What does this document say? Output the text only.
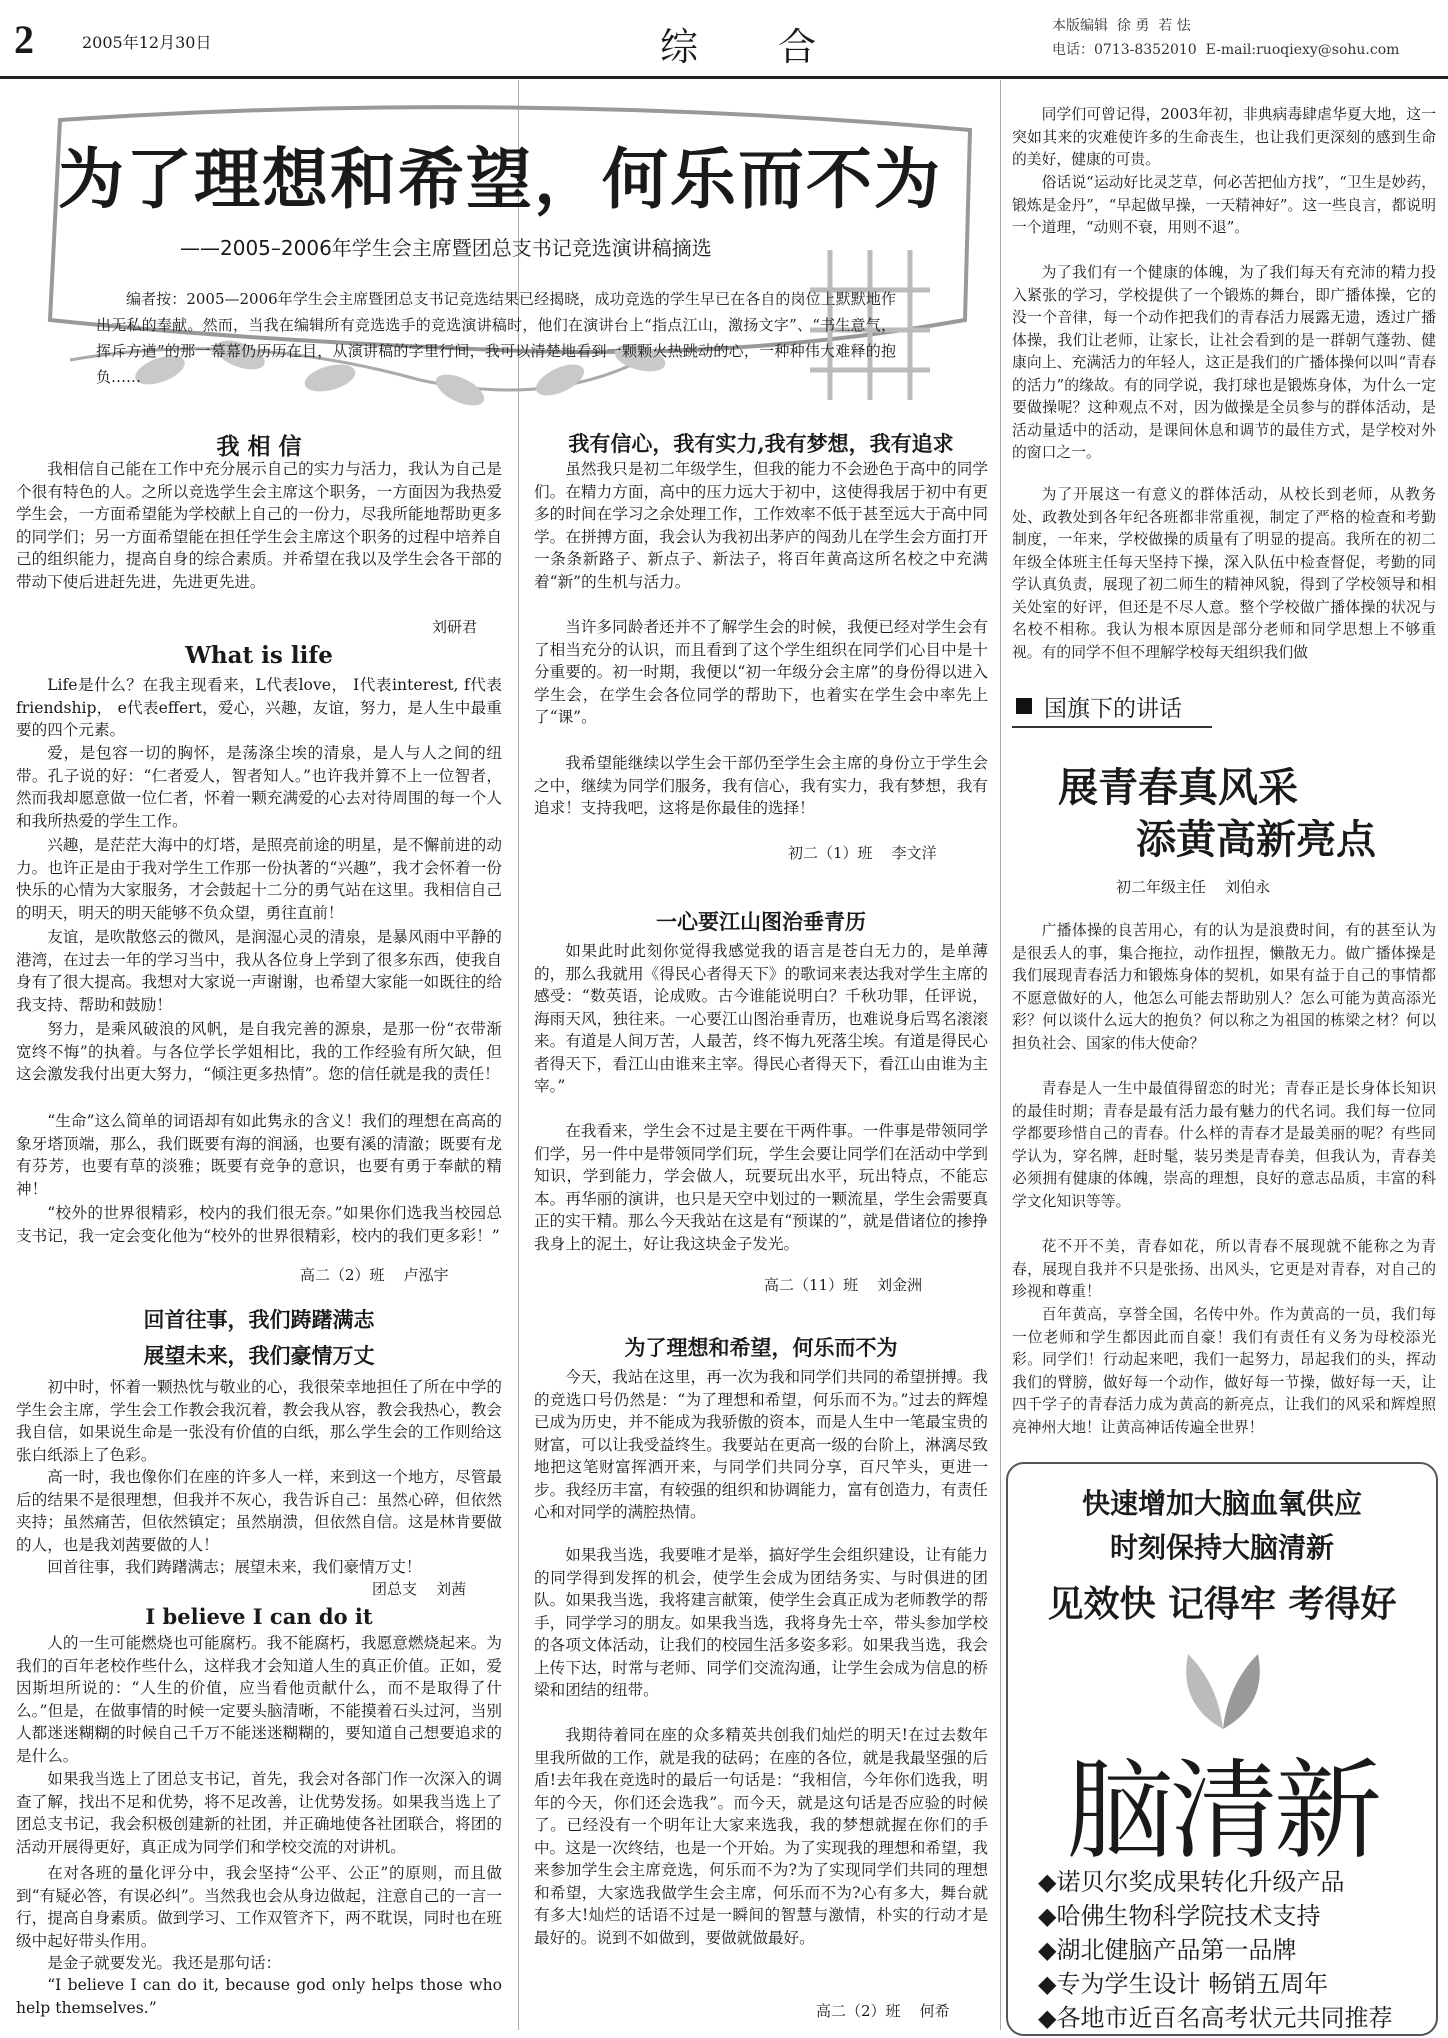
2	2005年12月30日	综 合	本版编辑  徐 勇  若 怯
电话：0713-8352010  E-mail:ruoqiexy@sohu.com
为了理想和希望，何乐而不为
——2005–2006年学生会主席暨团总支书记竞选演讲稿摘选
编者按：2005—2006年学生会主席暨团总支书记竞选结果已经揭晓，成功竞选的学生早已在各自的岗位上默默地作出无私的奉献。然而，当我在编辑所有竞选选手的竞选演讲稿时，他们在演讲台上“指点江山，激扬文字”、“书生意气，挥斥方遒”的那一幕幕仍历历在目，从演讲稿的字里行间，我可以清楚地看到一颗颗火热跳动的心，一种种伟大难释的抱负……
我 相 信

我相信自己能在工作中充分展示自己的实力与活力，我认为自己是个很有特色的人。之所以竞选学生会主席这个职务，一方面因为我热爱学生会，一方面希望能为学校献上自己的一份力，尽我所能地帮助更多的同学们；另一方面希望能在担任学生会主席这个职务的过程中培养自己的组织能力，提高自身的综合素质。并希望在我以及学生会各干部的带动下使后进赶先进，先进更先进。

刘研君
What is life

Life是什么？在我主现看来，L代表love， I代表interest, f代表friendship， e代表effert，爱心，兴趣，友谊，努力，是人生中最重要的四个元素。

爱，是包容一切的胸怀，是荡涤尘埃的清泉，是人与人之间的纽带。孔子说的好：“仁者爱人，智者知人。”也许我并算不上一位智者，然而我却愿意做一位仁者，怀着一颗充满爱的心去对待周围的每一个人和我所热爱的学生工作。

兴趣，是茫茫大海中的灯塔，是照亮前途的明星，是不懈前进的动力。也许正是由于我对学生工作那一份执著的“兴趣”，我才会怀着一份快乐的心情为大家服务，才会鼓起十二分的勇气站在这里。我相信自己的明天，明天的明天能够不负众望，勇往直前！

友谊，是吹散悠云的微风，是润湿心灵的清泉，是暴风雨中平静的港湾，在过去一年的学习当中，我从各位身上学到了很多东西，使我自身有了很大提高。我想对大家说一声谢谢，也希望大家能一如既往的给我支持、帮助和鼓励！

努力，是乘风破浪的风帆，是自我完善的源泉，是那一份“衣带渐宽终不悔”的执着。与各位学长学姐相比，我的工作经验有所欠缺，但这会激发我付出更大努力，“倾注更多热情”。您的信任就是我的责任！

“生命”这么简单的词语却有如此隽永的含义！我们的理想在高高的象牙塔顶端，那么，我们既要有海的润涵，也要有溪的清澈；既要有龙有芬芳，也要有草的淡雅；既要有竞争的意识，也要有勇于奉献的精神！

“校外的世界很精彩，校内的我们很无奈。”如果你们选我当校园总支书记，我一定会变化他为“校外的世界很精彩，校内的我们更多彩！”

高二（2）班    卢泓宇
回首往事，我们踌躇满志
展望未来，我们豪情万丈

初中时，怀着一颗热忱与敬业的心，我很荣幸地担任了所在中学的学生会主席，学生会工作教会我沉着，教会我从容，教会我热心，教会我自信，如果说生命是一张没有价值的白纸，那么学生会的工作则给这张白纸添上了色彩。

高一时，我也像你们在座的许多人一样，来到这一个地方，尽管最后的结果不是很理想，但我并不灰心，我告诉自己：虽然心碎，但依然夹持；虽然痛苦，但依然镇定；虽然崩溃，但依然自信。这是林肯要做的人，也是我刘茜要做的人！

回首往事，我们踌躇满志；展望未来，我们豪情万丈！

团总支    刘茜
I believe I can do it

人的一生可能燃烧也可能腐朽。我不能腐朽，我愿意燃烧起来。为我们的百年老校作些什么，这样我才会知道人生的真正价值。正如，爱因斯坦所说的：“人生的价值，应当看他贡献什么，而不是取得了什么。”但是，在做事情的时候一定要头脑清晰，不能摸着石头过河，当别人都迷迷糊糊的时候自己千万不能迷迷糊糊的，要知道自己想要追求的是什么。

如果我当选上了团总支书记，首先，我会对各部门作一次深入的调查了解，找出不足和优势，将不足改善，让优势发扬。如果我当选上了团总支书记，我会积极创建新的社团，并正确地使各社团联合，将团的活动开展得更好，真正成为同学们和学校交流的对讲机。

在对各班的量化评分中，我会坚持“公平、公正”的原则，而且做到“有疑必答，有误必纠”。当然我也会从身边做起，注意自己的一言一行，提高自身素质。做到学习、工作双管齐下，两不耽误，同时也在班级中起好带头作用。

是金子就要发光。我还是那句话：

“I believe I can do it, because god only helps those who help themselves.”

我有信心，我有实力,我有梦想，我有追求

虽然我只是初二年级学生，但我的能力不会逊色于高中的同学们。在精力方面，高中的压力远大于初中，这使得我居于初中有更多的时间在学习之余处理工作，工作效率不低于甚至远大于高中同学。在拼搏方面，我会认为我初出茅庐的闯劲儿在学生会方面打开一条条新路子、新点子、新法子，将百年黄高这所名校之中充满着“新”的生机与活力。

当许多同龄者还并不了解学生会的时候，我便已经对学生会有了相当充分的认识，而且看到了这个学生组织在同学们心目中是十分重要的。初一时期，我便以“初一年级分会主席”的身份得以进入学生会，在学生会各位同学的帮助下，也着实在学生会中率先上了“课”。

我希望能继续以学生会干部仍至学生会主席的身份立于学生会之中，继续为同学们服务，我有信心，我有实力，我有梦想，我有追求！支持我吧，这将是你最佳的选择！

初二（1）班    李文洋
一心要江山图治垂青历

如果此时此刻你觉得我感觉我的语言是苍白无力的，是单薄的，那么我就用《得民心者得天下》的歌词来表达我对学生主席的感受：“数英语，论成败。古今谁能说明白？千秋功罪，任评说，海雨天风，独往来。一心要江山图治垂青历，也难说身后骂名滚滚来。有道是人间万苦，人最苦，终不悔九死落尘埃。有道是得民心者得天下，看江山由谁来主宰。得民心者得天下，看江山由谁为主宰。”

在我看来，学生会不过是主要在干两件事。一件事是带领同学们学，另一件中是带领同学们玩，学生会要让同学们在活动中学到知识，学到能力，学会做人，玩要玩出水平，玩出特点，不能忘本。再华丽的演讲，也只是天空中划过的一颗流星，学生会需要真正的实干精。那么今天我站在这是有“预谋的”，就是借诸位的掺挣我身上的泥土，好让我这块金子发光。

高二（11）班    刘金洲
为了理想和希望，何乐而不为

今天，我站在这里，再一次为我和同学们共同的希望拼搏。我的竞选口号仍然是：“为了理想和希望，何乐而不为。”过去的辉煌已成为历史，并不能成为我骄傲的资本，而是人生中一笔最宝贵的财富，可以让我受益终生。我要站在更高一级的台阶上，淋漓尽致地把这笔财富挥洒开来，与同学们共同分享，百尺竿头，更进一步。我经历丰富，有较强的组织和协调能力，富有创造力，有责任心和对同学的满腔热情。

如果我当选，我要唯才是举，搞好学生会组织建设，让有能力的同学得到发挥的机会，使学生会成为团结务实、与时俱进的团队。如果我当选，我将建言献策，使学生会真正成为老师教学的帮手，同学学习的朋友。如果我当选，我将身先士卒，带头参加学校的各项文体活动，让我们的校园生活多姿多彩。如果我当选，我会上传下达，时常与老师、同学们交流沟通，让学生会成为信息的桥梁和团结的纽带。

我期待着同在座的众多精英共创我们灿烂的明天!在过去数年里我所做的工作，就是我的砝码；在座的各位，就是我最坚强的后盾!去年我在竞选时的最后一句话是：“我相信，今年你们选我，明年的今天，你们还会选我”。而今天，就是这句话是否应验的时候了。已经没有一个明年让大家来选我，我的梦想就握在你们的手中。这是一次终结，也是一个开始。为了实现我的理想和希望，我来参加学生会主席竞选，何乐而不为?为了实现同学们共同的理想和希望，大家选我做学生会主席，何乐而不为?心有多大，舞台就有多大!灿烂的话语不过是一瞬间的智慧与激情，朴实的行动才是最好的。说到不如做到，要做就做最好。

高二（2）班    何希

同学们可曾记得，2003年初，非典病毒肆虐华夏大地，这一突如其来的灾难使许多的生命丧生，也让我们更深刻的感到生命的美好，健康的可贵。

俗话说“运动好比灵芝草，何必苦把仙方找”，“卫生是妙药，锻炼是金丹”，“早起做早操，一天精神好”。这一些良言，都说明一个道理，“动则不衰，用则不退”。

为了我们有一个健康的体魄，为了我们每天有充沛的精力投入紧张的学习，学校提供了一个锻炼的舞台，即广播体操，它的没一个音律，每一个动作把我们的青春活力展露无遗，透过广播体操，我们让老师，让家长，让社会看到的是一群朝气蓬勃、健康向上、充满活力的年轻人，这正是我们的广播体操何以叫“青春的活力”的缘故。有的同学说，我打球也是锻炼身体，为什么一定要做操呢？这种观点不对，因为做操是全员参与的群体活动，是活动量适中的活动，是课间休息和调节的最佳方式，是学校对外的窗口之一。

为了开展这一有意义的群体活动，从校长到老师，从教务处、政教处到各年纪各班都非常重视，制定了严格的检查和考勤制度，一年来，学校做操的质量有了明显的提高。我所在的初二年级全体班主任每天坚持下操，深入队伍中检查督促，考勤的同学认真负责，展现了初二师生的精神风貌，得到了学校领导和相关处室的好评，但还是不尽人意。整个学校做广播体操的状况与名校不相称。我认为根本原因是部分老师和同学思想上不够重视。有的同学不但不理解学校每天组织我们做

国旗下的讲话
展青春真风采
添黄高新亮点
初二年级主任    刘伯永

广播体操的良苦用心，有的认为是浪费时间，有的甚至认为是很丢人的事，集合拖拉，动作扭捏，懒散无力。做广播体操是我们展现青春活力和锻炼身体的契机，如果有益于自己的事情都不愿意做好的人，他怎么可能去帮助别人？怎么可能为黄高添光彩？何以谈什么远大的抱负？何以称之为祖国的栋梁之材？何以担负社会、国家的伟大使命？

青春是人一生中最值得留恋的时光；青春正是长身体长知识的最佳时期；青春是最有活力最有魅力的代名词。我们每一位同学都要珍惜自己的青春。什么样的青春才是最美丽的呢？有些同学认为，穿名牌，赶时髦，装另类是青春美，但我认为，青春美必须拥有健康的体魄，崇高的理想，良好的意志品质，丰富的科学文化知识等等。

花不开不美，青春如花，所以青春不展现就不能称之为青春，展现自我并不只是张扬、出风头，它更是对青春，对自己的珍视和尊重！

百年黄高，享誉全国，名传中外。作为黄高的一员，我们每一位老师和学生都因此而自豪！我们有责任有义务为母校添光彩。同学们！行动起来吧，我们一起努力，昂起我们的头，挥动我们的臂膀，做好每一个动作，做好每一节操，做好每一天，让四千学子的青春活力成为黄高的新亮点，让我们的风采和辉煌照亮神州大地！让黄高神话传遍全世界！

快速增加大脑血氧供应
时刻保持大脑清新
见效快 记得牢 考得好
脑清新
◆诺贝尔奖成果转化升级产品
◆哈佛生物科学院技术支持
◆湖北健脑产品第一品牌
◆专为学生设计 畅销五周年
◆各地市近百名高考状元共同推荐
